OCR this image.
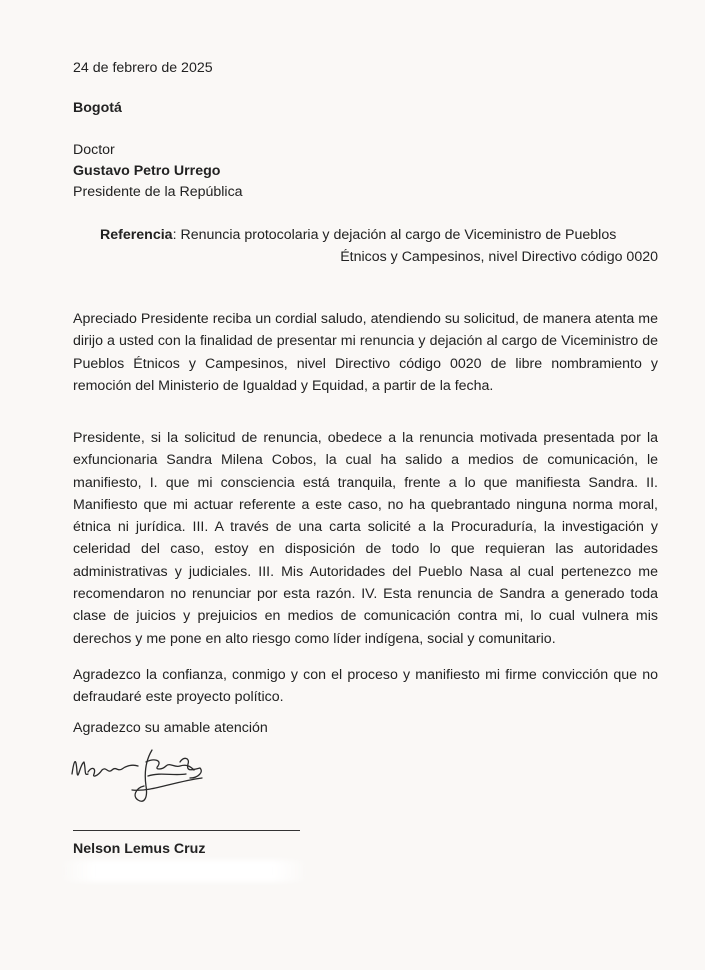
24 de febrero de 2025
Bogotá
Doctor
Gustavo Petro Urrego
Presidente de la República
Referencia: Renuncia protocolaria y dejación al cargo de Viceministro de Pueblos
Étnicos y Campesinos, nivel Directivo código 0020
Apreciado Presidente reciba un cordial saludo, atendiendo su solicitud, de manera atenta me dirijo a usted con la finalidad de presentar mi renuncia y dejación al cargo de Viceministro de Pueblos Étnicos y Campesinos, nivel Directivo código 0020 de libre nombramiento y remoción del Ministerio de Igualdad y Equidad, a partir de la fecha.
Presidente, si la solicitud de renuncia, obedece a la renuncia motivada presentada por la exfuncionaria Sandra Milena Cobos, la cual ha salido a medios de comunicación, le manifiesto, I. que mi consciencia está tranquila, frente a lo que manifiesta Sandra. II. Manifiesto que mi actuar referente a este caso, no ha quebrantado ninguna norma moral, étnica ni jurídica. III. A través de una carta solicité a la Procuraduría, la investigación y celeridad del caso, estoy en disposición de todo lo que requieran las autoridades administrativas y judiciales. III. Mis Autoridades del Pueblo Nasa al cual pertenezco me recomendaron no renunciar por esta razón. IV. Esta renuncia de Sandra a generado toda clase de juicios y prejuicios en medios de comunicación contra mi, lo cual vulnera mis derechos y me pone en alto riesgo como líder indígena, social y comunitario.
Agradezco la confianza, conmigo y con el proceso y manifiesto mi firme convicción que no defraudaré este proyecto político.
Agradezco su amable atención
Nelson Lemus Cruz
